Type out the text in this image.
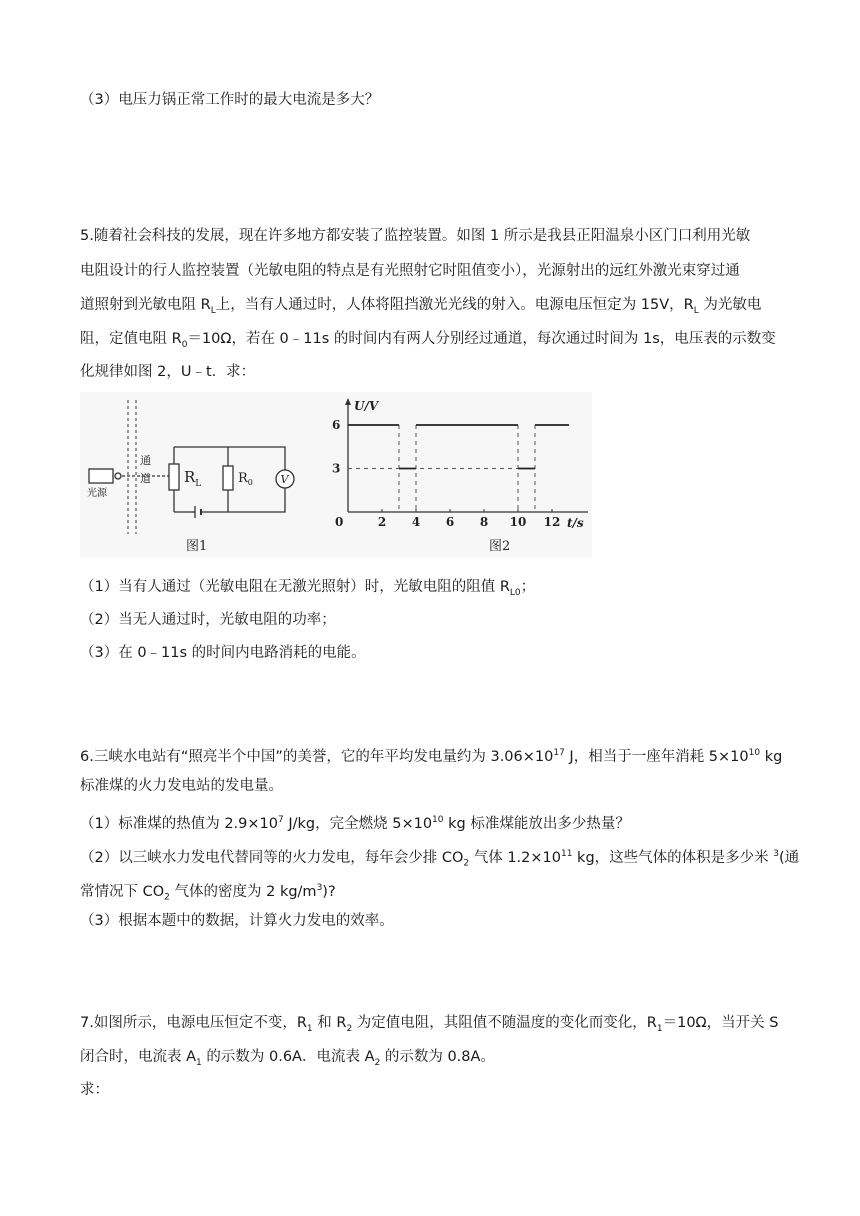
（3）电压力锅正常工作时的最大电流是多大？
5.随着社会科技的发展，现在许多地方都安装了监控装置。如图 1 所示是我县正阳温泉小区门口利用光敏
电阻设计的行人监控装置（光敏电阻的特点是有光照射它时阻值变小），光源射出的远红外激光束穿过通
道照射到光敏电阻 $R_L$上，当有人通过时，人体将阻挡激光光线的射入。电源电压恒定为 15V，$R_L$ 为光敏电
阻，定值电阻 $R_0=10\Omega$，若在 0﹣11s 的时间内有两人分别经过通道，每次通过时间为 1s，电压表的示数变
化规律如图 2，U﹣t．求：
光源
通
道 $R_L$	$R_0$	V
图1
U/V
t/s
0
图2
2 4 6 8 10 12
3
6
（1）当有人通过（光敏电阻在无激光照射）时，光敏电阻的阻值 $R_{L0}$；
（2）当无人通过时，光敏电阻的功率；
（3）在 0﹣11s 的时间内电路消耗的电能。
6.三峡水电站有“照亮半个中国”的美誉，它的年平均发电量约为 $3.06\times 10^{17}$ J，相当于一座年消耗 $5\times 10^{10}$ kg
标准煤的火力发电站的发电量。
（1）标准煤的热值为 $2.9\times 10^7$ J/kg，完全燃烧 $5\times 10^{10}$ kg 标准煤能放出多少热量？
（2）以三峡水力发电代替同等的火力发电，每年会少排 $CO_2$ 气体 $1.2\times 10^{11}$ kg，这些气体的体积是多少米 $^3$(通
常情况下 $CO_2$ 气体的密度为 2 $kg/m^3$)?
（3）根据本题中的数据，计算火力发电的效率。
7.如图所示，电源电压恒定不变，$R_1$ 和 $R_2$ 为定值电阻，其阻值不随温度的变化而变化，$R_1=10\Omega$，当开关 S
闭合时，电流表 $A_1$ 的示数为 0.6A．电流表 $A_2$ 的示数为 0.8A。
求：
